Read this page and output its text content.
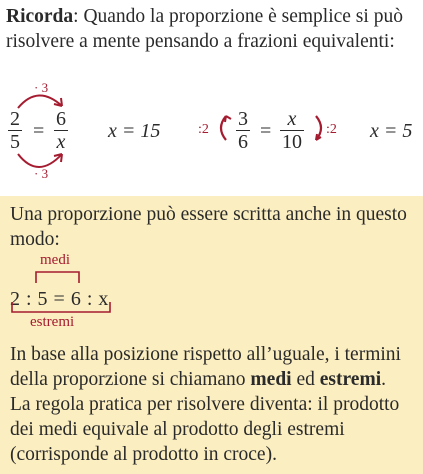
Ricorda: Quando la proporzione è semplice si può risolvere a mente pensando a frazioni equivalenti:
· 3
· 3
$\frac{2}{5} = \frac{6}{x}$ x = 15	:2 $\frac{3}{6} = \frac{x}{10}$ :2 x = 5

Una proporzione può essere scritta anche in questo modo:

medi
2 : 5 = 6 : x
estremi

In base alla posizione rispetto all’uguale, i termini della proporzione si chiamano medi ed estremi.

La regola pratica per risolvere diventa: il prodotto dei medi equivale al prodotto degli estremi (corrisponde al prodotto in croce).
